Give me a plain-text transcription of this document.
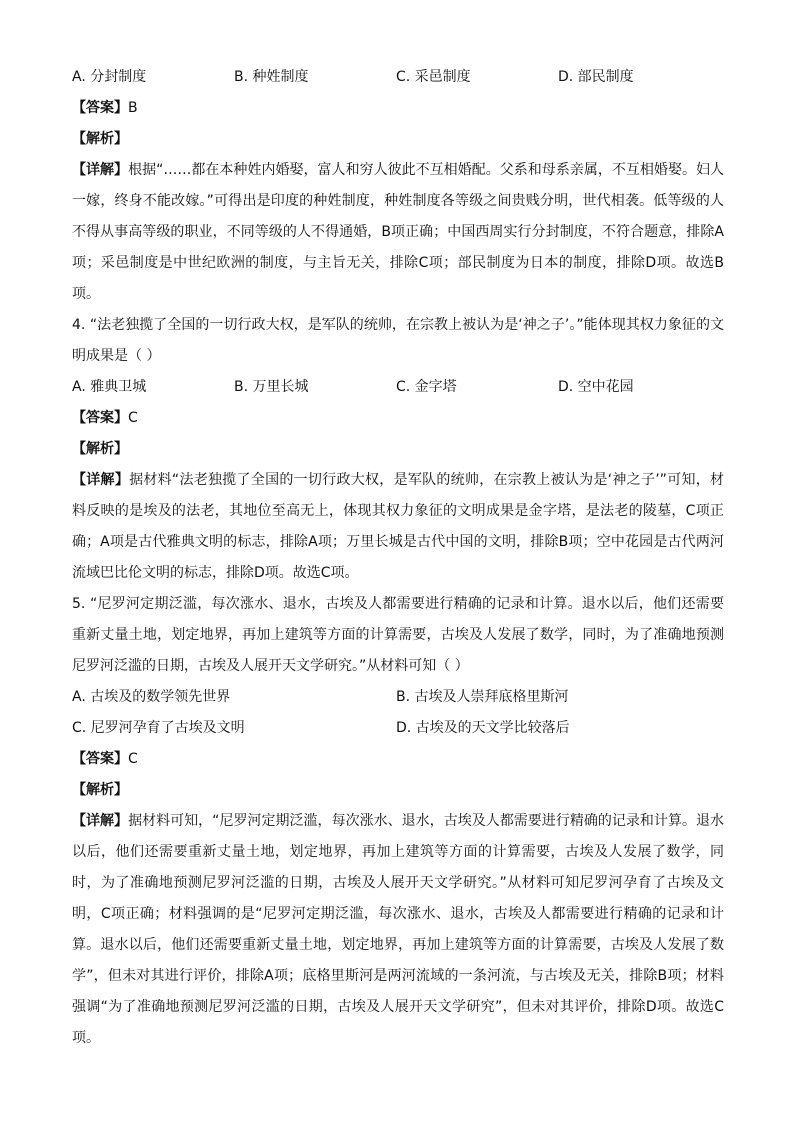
A. 分封制度	B. 种姓制度	C. 采邑制度	D. 部民制度
【答案】B
【解析】
【详解】根据“……都在本种姓内婚娶，富人和穷人彼此不互相婚配。父系和母系亲属，不互相婚娶。妇人一嫁，终身不能改嫁。”可得出是印度的种姓制度，种姓制度各等级之间贵贱分明，世代相袭。低等级的人不得从事高等级的职业，不同等级的人不得通婚，B项正确；中国西周实行分封制度，不符合题意，排除A项；采邑制度是中世纪欧洲的制度，与主旨无关，排除C项；部民制度为日本的制度，排除D项。故选B项。
4. “法老独揽了全国的一切行政大权，是军队的统帅，在宗教上被认为是‘神之子’。”能体现其权力象征的文明成果是（ ）
A. 雅典卫城	B. 万里长城	C. 金字塔	D. 空中花园
【答案】C
【解析】
【详解】据材料“法老独揽了全国的一切行政大权，是军队的统帅，在宗教上被认为是‘神之子’”可知，材料反映的是埃及的法老，其地位至高无上，体现其权力象征的文明成果是金字塔，是法老的陵墓，C项正确；A项是古代雅典文明的标志，排除A项；万里长城是古代中国的文明，排除B项；空中花园是古代两河流域巴比伦文明的标志，排除D项。故选C项。
5. “尼罗河定期泛滥，每次涨水、退水，古埃及人都需要进行精确的记录和计算。退水以后，他们还需要重新丈量土地，划定地界，再加上建筑等方面的计算需要，古埃及人发展了数学，同时，为了准确地预测尼罗河泛滥的日期，古埃及人展开天文学研究。”从材料可知（ ）
A. 古埃及的数学领先世界	B. 古埃及人崇拜底格里斯河
C. 尼罗河孕育了古埃及文明	D. 古埃及的天文学比较落后
【答案】C
【解析】
【详解】据材料可知，“尼罗河定期泛滥，每次涨水、退水，古埃及人都需要进行精确的记录和计算。退水以后，他们还需要重新丈量土地，划定地界，再加上建筑等方面的计算需要，古埃及人发展了数学，同时，为了准确地预测尼罗河泛滥的日期，古埃及人展开天文学研究。”从材料可知尼罗河孕育了古埃及文明，C项正确；材料强调的是“尼罗河定期泛滥，每次涨水、退水，古埃及人都需要进行精确的记录和计算。退水以后，他们还需要重新丈量土地，划定地界，再加上建筑等方面的计算需要，古埃及人发展了数学”，但未对其进行评价，排除A项；底格里斯河是两河流域的一条河流，与古埃及无关，排除B项；材料强调“为了准确地预测尼罗河泛滥的日期，古埃及人展开天文学研究”，但未对其评价，排除D项。故选C项。
